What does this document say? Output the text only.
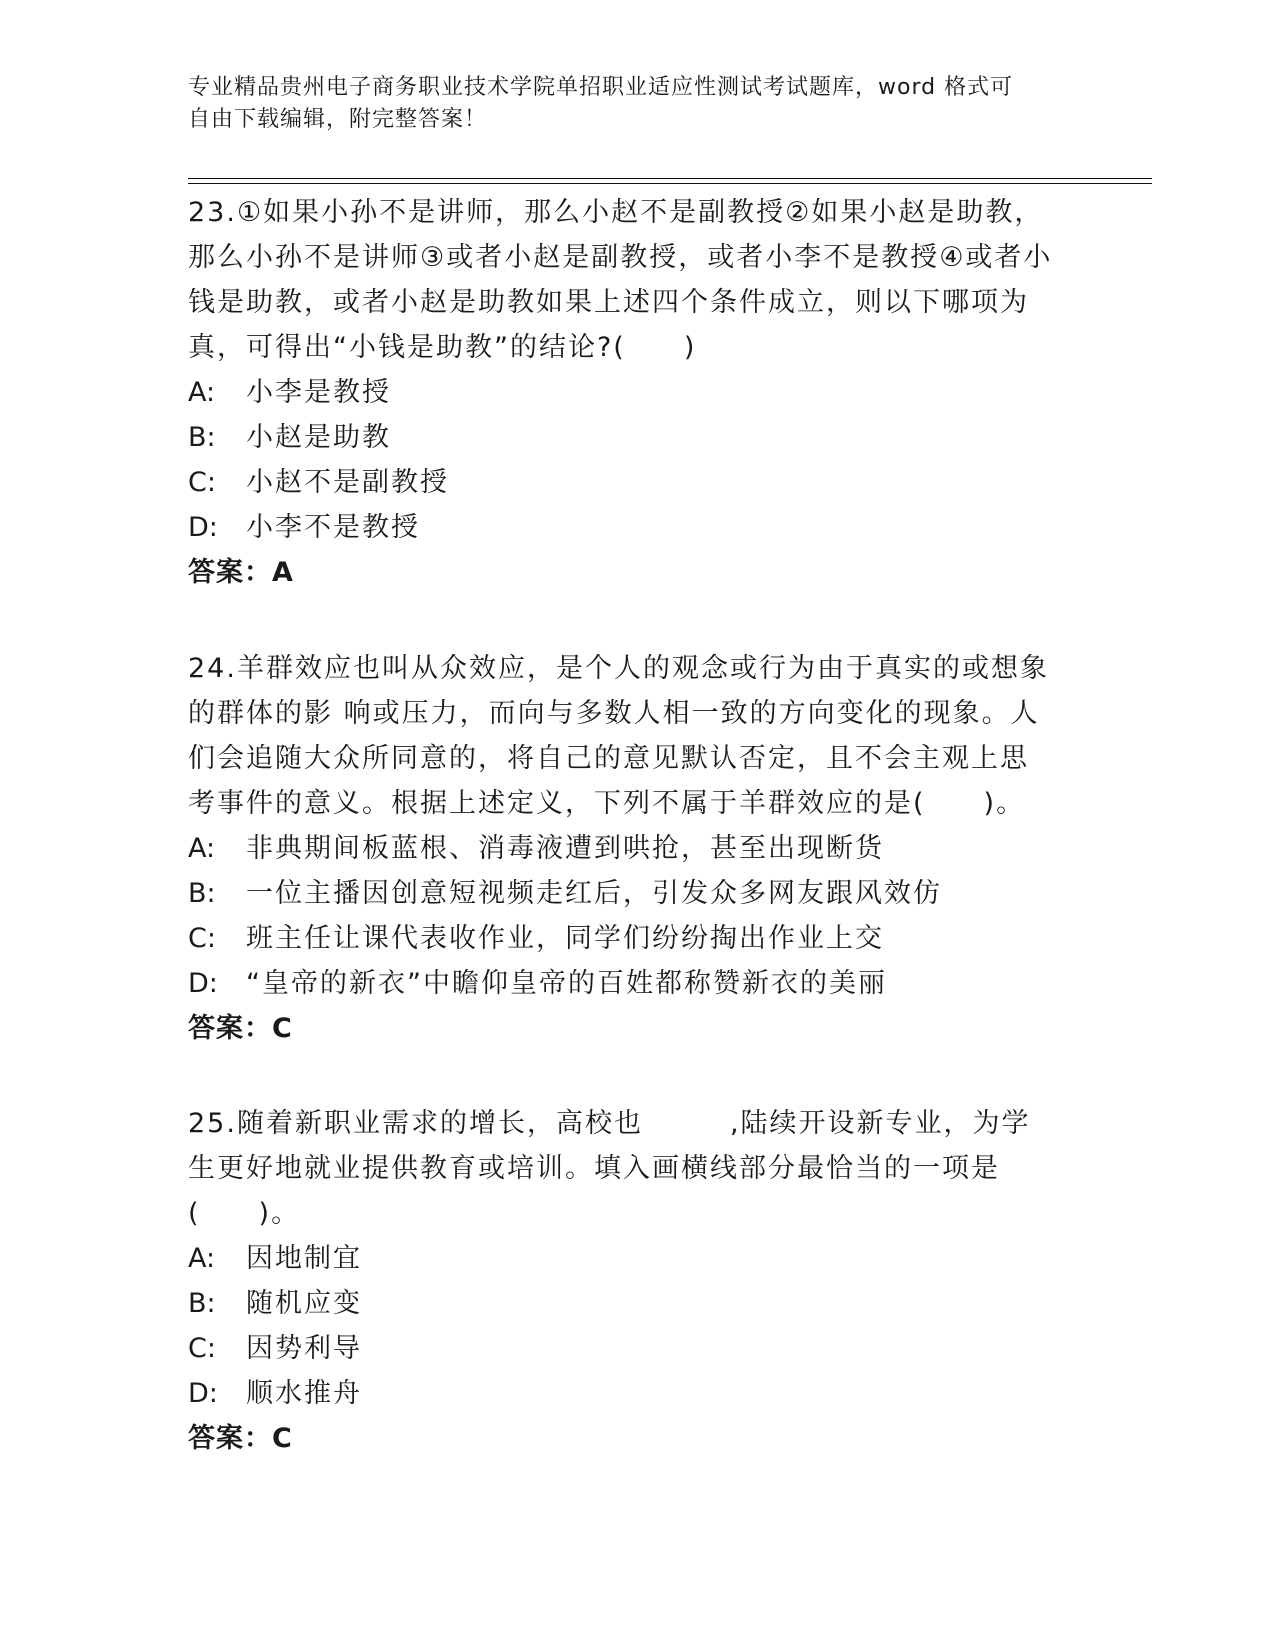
专业精品贵州电子商务职业技术学院单招职业适应性测试考试题库，word 格式可
自由下载编辑，附完整答案！

23.①如果小孙不是讲师，那么小赵不是副教授②如果小赵是助教，那么小孙不是讲师③或者小赵是副教授，或者小李不是教授④或者小钱是助教，或者小赵是助教如果上述四个条件成立，则以下哪项为真，可得出“小钱是助教”的结论?(　　)

A:	小李是教授
B:	小赵是助教
C:	小赵不是副教授
D:	小李不是教授

答案：A

24.羊群效应也叫从众效应，是个人的观念或行为由于真实的或想象的群体的影 响或压力，而向与多数人相一致的方向变化的现象。人们会追随大众所同意的，将自己的意见默认否定，且不会主观上思考事件的意义。根据上述定义，下列不属于羊群效应的是(　　)。

A:	非典期间板蓝根、消毒液遭到哄抢，甚至出现断货
B:	一位主播因创意短视频走红后，引发众多网友跟风效仿
C:	班主任让课代表收作业，同学们纷纷掏出作业上交
D:	“皇帝的新衣”中瞻仰皇帝的百姓都称赞新衣的美丽

答案：C

25.随着新职业需求的增长，高校也　　　,陆续开设新专业，为学生更好地就业提供教育或培训。填入画横线部分最恰当的一项是(　　)。

A:	因地制宜
B:	随机应变
C:	因势利导
D:	顺水推舟

答案：C
